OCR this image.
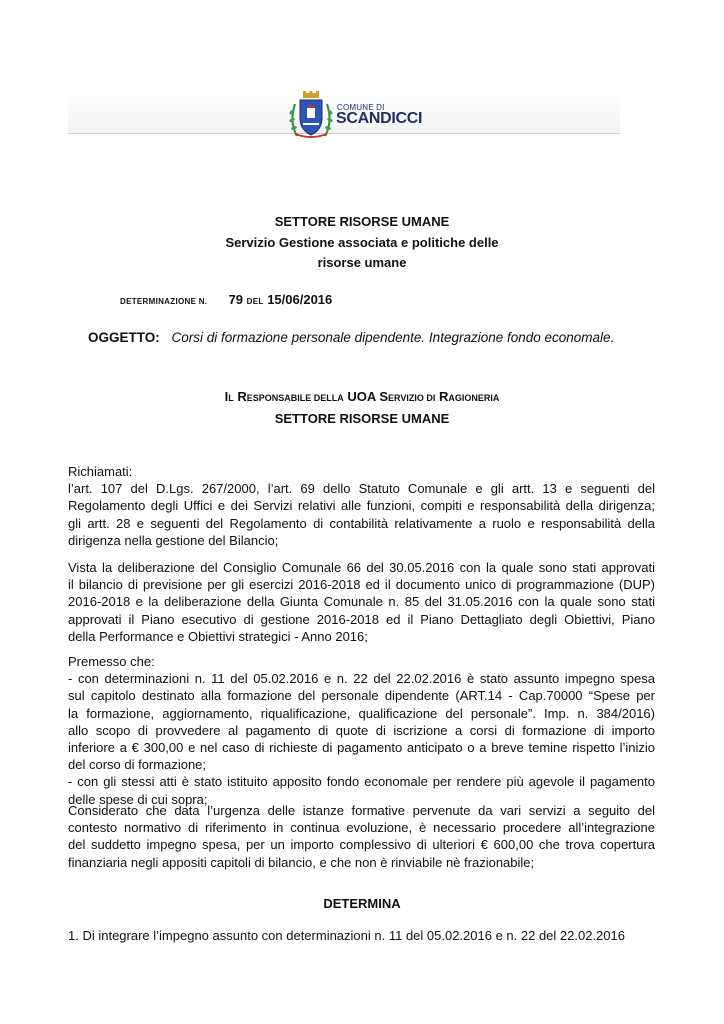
COMUNE DI
SCANDICCI
SETTORE RISORSE UMANE
Servizio Gestione associata e politiche delle
risorse umane
DETERMINAZIONE N. 79 DEL 15/06/2016
OGGETTO: Corsi di formazione personale dipendente. Integrazione fondo economale.
IL RESPONSABILE DELLA UOA SERVIZIO DI RAGIONERIA
SETTORE RISORSE UMANE
Richiamati:
l’art. 107 del D.Lgs. 267/2000, l’art. 69 dello Statuto Comunale e gli artt. 13 e seguenti del
Regolamento degli Uffici e dei Servizi relativi alle funzioni, compiti e responsabilità della dirigenza;
gli artt. 28 e seguenti del Regolamento di contabilità relativamente a ruolo e responsabilità della
dirigenza nella gestione del Bilancio;
Vista la deliberazione del Consiglio Comunale 66 del 30.05.2016 con la quale sono stati approvati
il bilancio di previsione per gli esercizi 2016-2018 ed il documento unico di programmazione (DUP)
2016-2018 e la deliberazione della Giunta Comunale n. 85 del 31.05.2016 con la quale sono stati
approvati il Piano esecutivo di gestione 2016-2018 ed il Piano Dettagliato degli Obiettivi, Piano
della Performance e Obiettivi strategici - Anno 2016;
Premesso che:
- con determinazioni n. 11 del 05.02.2016 e n. 22 del 22.02.2016 è stato assunto impegno spesa
sul capitolo destinato alla formazione del personale dipendente (ART.14 - Cap.70000 “Spese per
la formazione, aggiornamento, riqualificazione, qualificazione del personale”. Imp. n. 384/2016)
allo scopo di provvedere al pagamento di quote di iscrizione a corsi di formazione di importo
inferiore a € 300,00 e nel caso di richieste di pagamento anticipato o a breve temine rispetto l’inizio
del corso di formazione;
- con gli stessi atti è stato istituito apposito fondo economale per rendere più agevole il pagamento
delle spese di cui sopra;
Considerato che data l’urgenza delle istanze formative pervenute da vari servizi a seguito del
contesto normativo di riferimento in continua evoluzione, è necessario procedere all’integrazione
del suddetto impegno spesa, per un importo complessivo di ulteriori € 600,00 che trova copertura
finanziaria negli appositi capitoli di bilancio, e che non è rinviabile nè frazionabile;
DETERMINA
1. Di integrare l’impegno assunto con determinazioni n. 11 del 05.02.2016 e n. 22 del 22.02.2016
